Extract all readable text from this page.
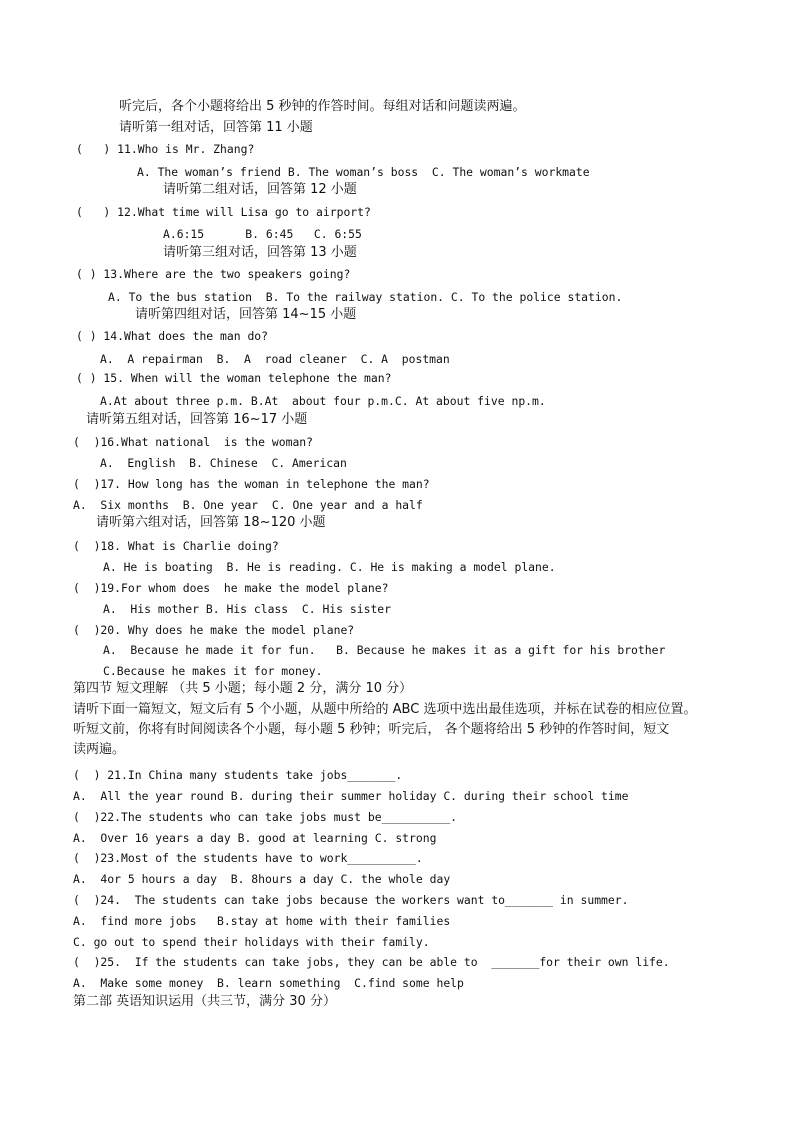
听完后，各个小题将给出 5 秒钟的作答时间。每组对话和问题读两遍。
请听第一组对话，回答第 11 小题
(   ) 11.Who is Mr. Zhang?
A. The woman’s friend B. The woman’s boss  C. The woman’s workmate
请听第二组对话，回答第 12 小题
(   ) 12.What time will Lisa go to airport?
A.6:15      B. 6:45   C. 6:55
请听第三组对话，回答第 13 小题
( ) 13.Where are the two speakers going?
A. To the bus station  B. To the railway station. C. To the police station.
请听第四组对话，回答第 14~15 小题
( ) 14.What does the man do?
A.  A repairman  B.  A  road cleaner  C. A  postman
( ) 15. When will the woman telephone the man?
A.At about three p.m. B.At  about four p.m.C. At about five np.m.
请听第五组对话，回答第 16~17 小题
(  )16.What national  is the woman?
A.  English  B. Chinese  C. American
(  )17. How long has the woman in telephone the man?
A.  Six months  B. One year  C. One year and a half
请听第六组对话，回答第 18~120 小题
(  )18. What is Charlie doing?
A. He is boating  B. He is reading. C. He is making a model plane.
(  )19.For whom does  he make the model plane?
A.  His mother B. His class  C. His sister
(  )20. Why does he make the model plane?
A.  Because he made it for fun.   B. Because he makes it as a gift for his brother
C.Because he makes it for money.
第四节 短文理解 （共 5 小题；每小题 2 分，满分 10 分）
请听下面一篇短文，短文后有 5 个小题，从题中所给的 ABC 选项中选出最佳选项，并标在试卷的相应位置。
听短文前，你将有时间阅读各个小题，每小题 5 秒钟；听完后， 各个题将给出 5 秒钟的作答时间，短文
读两遍。
(  ) 21.In China many students take jobs_______.
A.  All the year round B. during their summer holiday C. during their school time
(  )22.The students who can take jobs must be__________.
A.  Over 16 years a day B. good at learning C. strong
(  )23.Most of the students have to work__________.
A.  4or 5 hours a day  B. 8hours a day C. the whole day
(  )24.  The students can take jobs because the workers want to_______ in summer.
A.  find more jobs   B.stay at home with their families
C. go out to spend their holidays with their family.
(  )25.  If the students can take jobs, they can be able to  _______for their own life.
A.  Make some money  B. learn something  C.find some help
第二部 英语知识运用（共三节，满分 30 分）
